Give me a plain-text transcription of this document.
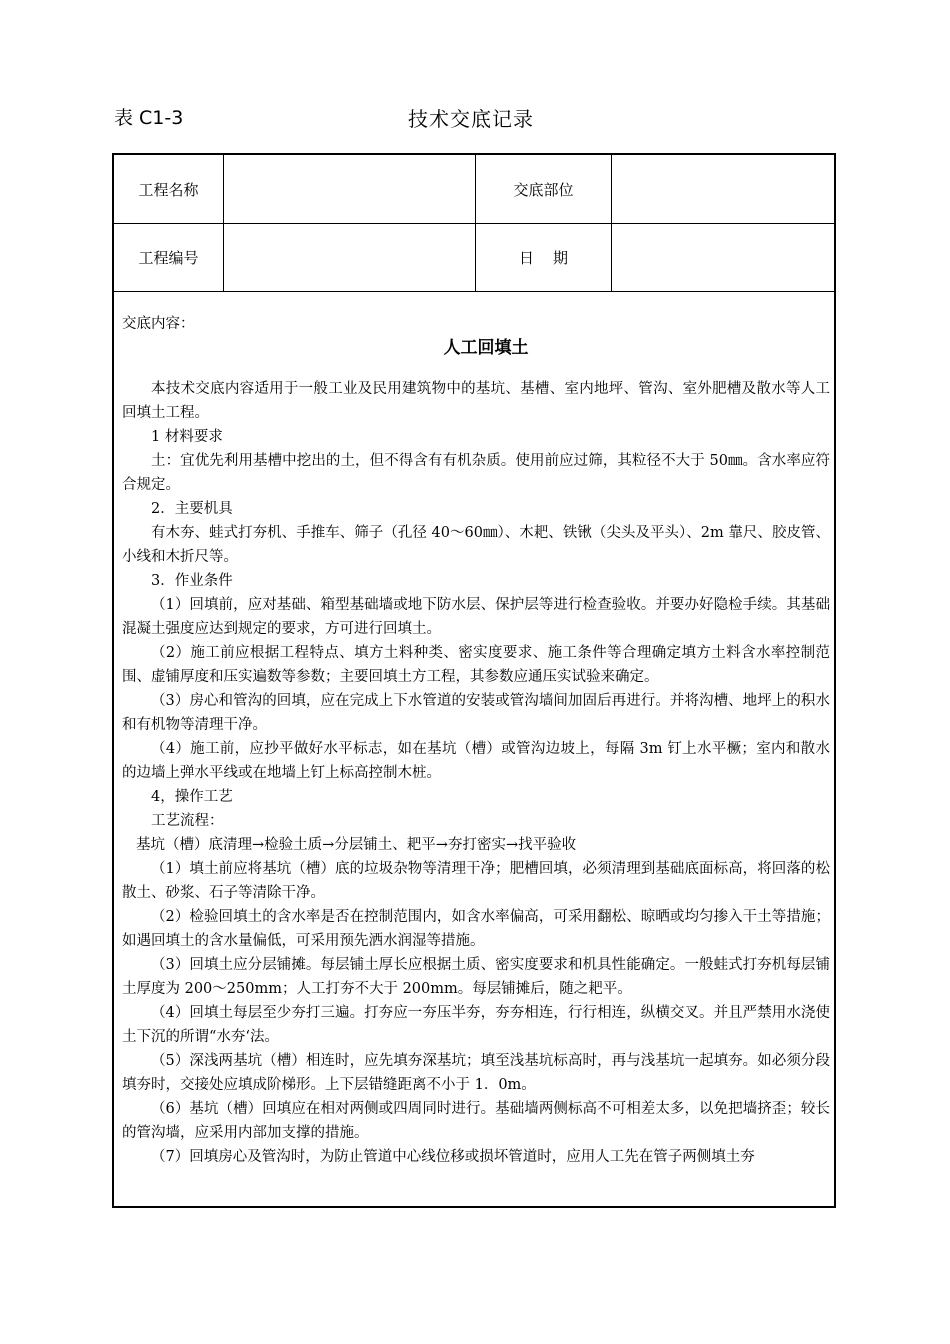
表 C1-3	技术交底记录
工程名称	交底部位
工程编号	日    期
交底内容：
人工回填土

本技术交底内容适用于一般工业及民用建筑物中的基坑、基槽、室内地坪、管沟、室外肥槽及散水等人工回填土工程。

1 材料要求

土：宜优先利用基槽中挖出的土，但不得含有有机杂质。使用前应过筛，其粒径不大于 50㎜。含水率应符合规定。

2．主要机具

有木夯、蛙式打夯机、手推车、筛子（孔径 40～60㎜）、木耙、铁锹（尖头及平头）、2m 靠尺、胶皮管、小线和木折尺等。

3．作业条件

（1）回填前，应对基础、箱型基础墙或地下防水层、保护层等进行检查验收。并要办好隐检手续。其基础混凝土强度应达到规定的要求，方可进行回填土。

（2）施工前应根据工程特点、填方土料种类、密实度要求、施工条件等合理确定填方土料含水率控制范围、虚铺厚度和压实遍数等参数；主要回填土方工程，其参数应通压实试验来确定。

（3）房心和管沟的回填，应在完成上下水管道的安装或管沟墙间加固后再进行。并将沟槽、地坪上的积水和有机物等清理干净。

（4）施工前，应抄平做好水平标志，如在基坑（槽）或管沟边坡上，每隔 3m 钉上水平橛；室内和散水的边墙上弹水平线或在地墙上钉上标高控制木桩。

4，操作工艺

工艺流程：

基坑（槽）底清理→检验土质→分层铺土、耙平→夯打密实→找平验收

（1）填土前应将基坑（槽）底的垃圾杂物等清理干净；肥槽回填，必须清理到基础底面标高，将回落的松散土、砂浆、石子等清除干净。

（2）检验回填土的含水率是否在控制范围内，如含水率偏高，可采用翻松、晾晒或均匀掺入干土等措施；如遇回填土的含水量偏低，可采用预先洒水润湿等措施。

（3）回填土应分层铺摊。每层铺土厚长应根据土质、密实度要求和机具性能确定。一般蛙式打夯机每层铺土厚度为 200～250mm；人工打夯不大于 200mm。每层铺摊后，随之耙平。

（4）回填土每层至少夯打三遍。打夯应一夯压半夯，夯夯相连，行行相连，纵横交叉。并且严禁用水浇使土下沉的所谓“水夯‘法。

（5）深浅两基坑（槽）相连时，应先填夯深基坑；填至浅基坑标高时，再与浅基坑一起填夯。如必须分段填夯时，交接处应填成阶梯形。上下层错缝距离不小于 1．0m。

（6）基坑（槽）回填应在相对两侧或四周同时进行。基础墙两侧标高不可相差太多，以免把墙挤歪；较长的管沟墙，应采用内部加支撑的措施。

（7）回填房心及管沟时，为防止管道中心线位移或损坏管道时，应用人工先在管子两侧填土夯
